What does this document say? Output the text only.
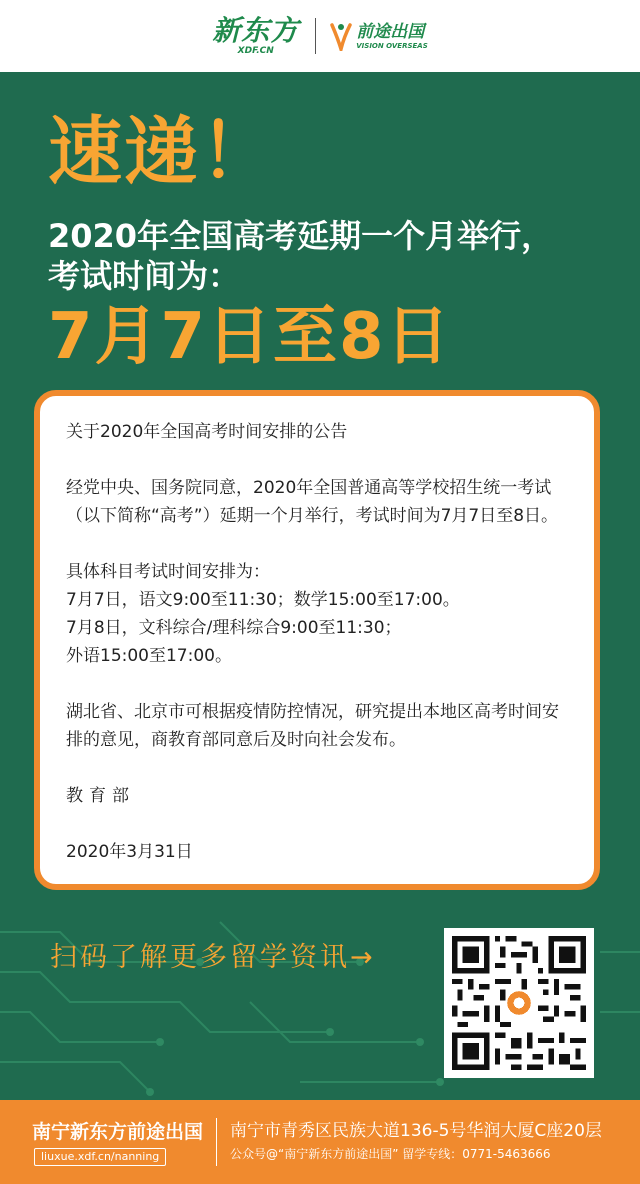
新东方
XDF.CN
前途出国
VISION OVERSEAS
速递！
2020年全国高考延期一个月举行，
考试时间为：
7月7日至8日

关于2020年全国高考时间安排的公告

经党中央、国务院同意，2020年全国普通高等学校招生统一考试（以下简称“高考”）延期一个月举行，考试时间为7月7日至8日。

具体科目考试时间安排为：

7月7日，语文9:00至11:30；数学15:00至17:00。

7月8日，文科综合/理科综合9:00至11:30；

外语15:00至17:00。

湖北省、北京市可根据疫情防控情况，研究提出本地区高考时间安排的意见，商教育部同意后及时向社会发布。

教育部

2020年3月31日

扫码了解更多留学资讯→
南宁新东方前途出国
liuxue.xdf.cn/nanning
南宁市青秀区民族大道136-5号华润大厦C座20层
公众号@“南宁新东方前途出国” 留学专线：0771-5463666
